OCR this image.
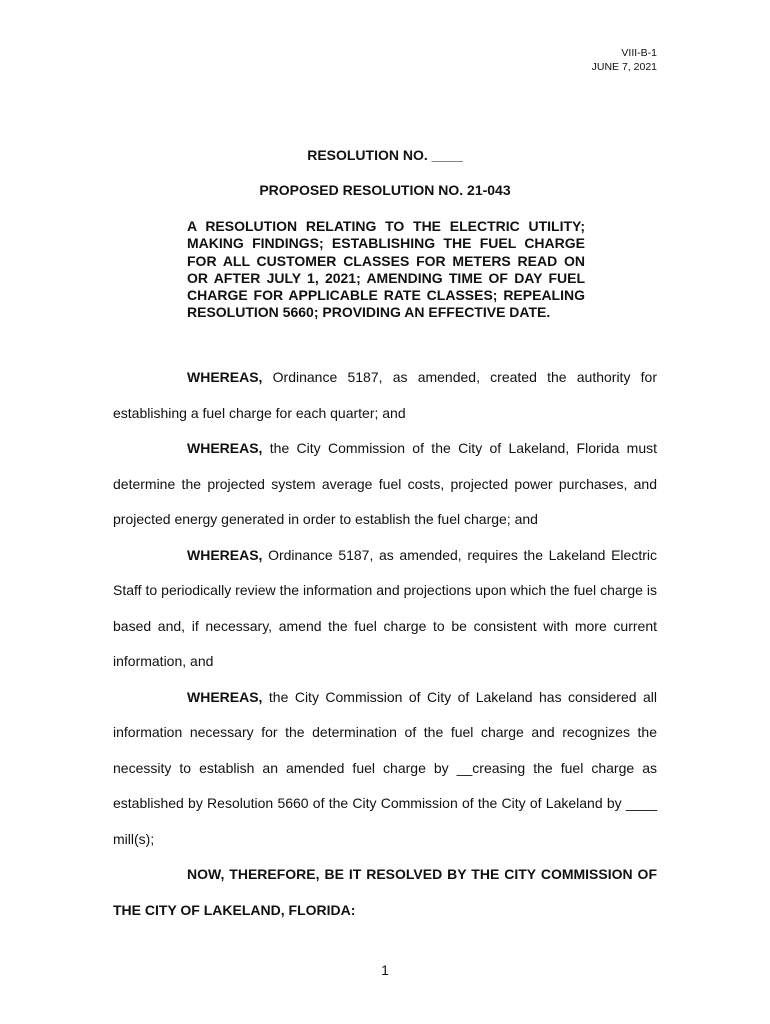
VIII-B-1
JUNE 7, 2021
RESOLUTION NO. ____
PROPOSED RESOLUTION NO. 21-043
A RESOLUTION RELATING TO THE ELECTRIC UTILITY; MAKING FINDINGS; ESTABLISHING THE FUEL CHARGE FOR ALL CUSTOMER CLASSES FOR METERS READ ON OR AFTER JULY 1, 2021; AMENDING TIME OF DAY FUEL CHARGE FOR APPLICABLE RATE CLASSES; REPEALING RESOLUTION 5660; PROVIDING AN EFFECTIVE DATE.

WHEREAS, Ordinance 5187, as amended, created the authority for establishing a fuel charge for each quarter; and

WHEREAS, the City Commission of the City of Lakeland, Florida must determine the projected system average fuel costs, projected power purchases, and projected energy generated in order to establish the fuel charge; and

WHEREAS, Ordinance 5187, as amended, requires the Lakeland Electric Staff to periodically review the information and projections upon which the fuel charge is based and, if necessary, amend the fuel charge to be consistent with more current information, and

WHEREAS, the City Commission of City of Lakeland has considered all information necessary for the determination of the fuel charge and recognizes the necessity to establish an amended fuel charge by __creasing the fuel charge as established by Resolution 5660 of the City Commission of the City of Lakeland by ____ mill(s);

NOW, THEREFORE, BE IT RESOLVED BY THE CITY COMMISSION OF THE CITY OF LAKELAND, FLORIDA:

1
